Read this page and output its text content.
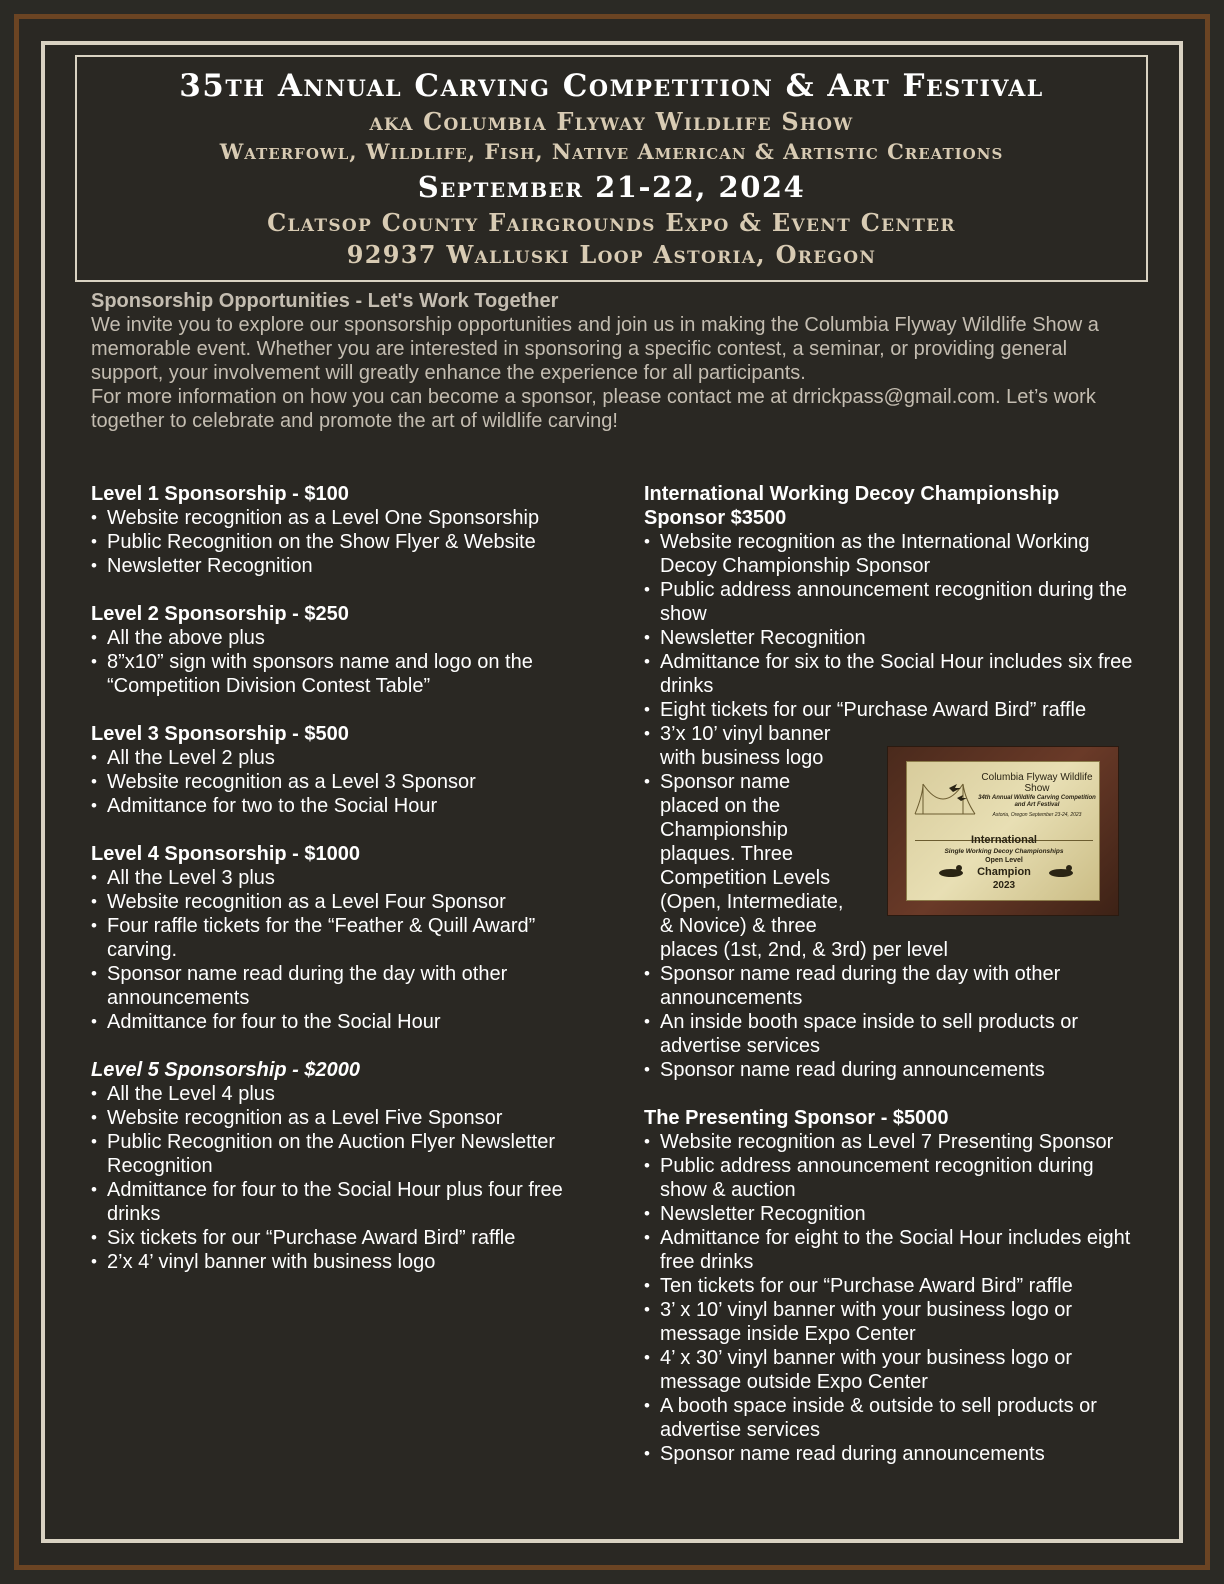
35th Annual Carving Competition & Art Festival
aka Columbia Flyway Wildlife Show
Waterfowl, Wildlife, Fish, Native American & Artistic Creations
September 21-22, 2024
Clatsop County Fairgrounds Expo & Event Center
92937 Walluski Loop Astoria, Oregon
Sponsorship Opportunities - Let's Work Together

We invite you to explore our sponsorship opportunities and join us in making the Columbia Flyway Wildlife Show a memorable event. Whether you are interested in sponsoring a specific contest, a seminar, or providing general support, your involvement will greatly enhance the experience for all participants.

For more information on how you can become a sponsor, please contact me at drrickpass@gmail.com. Let’s work together to celebrate and promote the art of wildlife carving!

Level 1 Sponsorship - $100
• Website recognition as a Level One Sponsorship
• Public Recognition on the Show Flyer & Website
• Newsletter Recognition
Level 2 Sponsorship - $250
• All the above plus
• 8”x10” sign with sponsors name and logo on the “Competition Division Contest Table”
Level 3 Sponsorship - $500
• All the Level 2 plus
• Website recognition as a Level 3 Sponsor
• Admittance for two to the Social Hour
Level 4 Sponsorship - $1000
• All the Level 3 plus
• Website recognition as a Level Four Sponsor
• Four raffle tickets for the “Feather & Quill Award” carving.
• Sponsor name read during the day with other announcements
• Admittance for four to the Social Hour
Level 5 Sponsorship - $2000
• All the Level 4 plus
• Website recognition as a Level Five Sponsor
• Public Recognition on the Auction Flyer Newsletter Recognition
• Admittance for four to the Social Hour plus four free drinks
• Six tickets for our “Purchase Award Bird” raffle
• 2’x 4’ vinyl banner with business logo
International Working Decoy Championship Sponsor $3500
• Website recognition as the International Working Decoy Championship Sponsor
• Public address announcement recognition during the show
• Newsletter Recognition
• Admittance for six to the Social Hour includes six free drinks
• Eight tickets for our “Purchase Award Bird” raffle
• 3’x 10’ vinyl banner with business logo
• Sponsor name placed on the Championship plaques. Three Competition Levels (Open, Intermediate, & Novice) & three
places (1st, 2nd, & 3rd) per level
• Sponsor name read during the day with other announcements
• An inside booth space inside to sell products or advertise services
• Sponsor name read during announcements
The Presenting Sponsor - $5000
• Website recognition as Level 7 Presenting Sponsor
• Public address announcement recognition during show & auction
• Newsletter Recognition
• Admittance for eight to the Social Hour includes eight free drinks
• Ten tickets for our “Purchase Award Bird” raffle
• 3’ x 10’ vinyl banner with your business logo or message inside Expo Center
• 4’ x 30’ vinyl banner with your business logo or message outside Expo Center
• A booth space inside & outside to sell products or advertise services
• Sponsor name read during announcements
Columbia Flyway Wildlife Show
34th Annual Wildlife Carving Competition and Art Festival
Astoria, Oregon September 23-24, 2023
International
Single Working Decoy Championships
Open Level
Champion
2023
